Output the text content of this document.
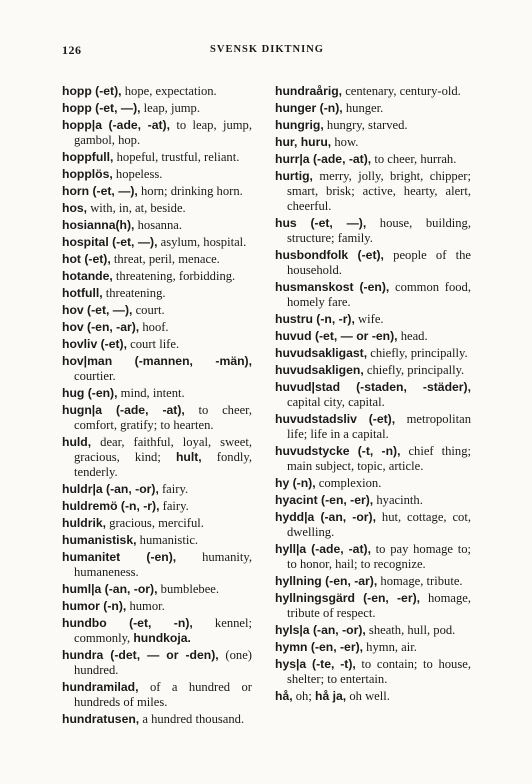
126	SVENSK DIKTNING
hopp (-et), hope, expectation.
hopp (-et, —), leap, jump.
hopp|a (-ade, -at), to leap, jump, gambol, hop.
hoppfull, hopeful, trustful, reliant.
hopplös, hopeless.
horn (-et, —), horn; drinking horn.
hos, with, in, at, beside.
hosianna(h), hosanna.
hospital (-et, —), asylum, hospital.
hot (-et), threat, peril, menace.
hotande, threatening, forbidding.
hotfull, threatening.
hov (-et, —), court.
hov (-en, -ar), hoof.
hovliv (-et), court life.
hov|man (-mannen, -män), courtier.
hug (-en), mind, intent.
hugn|a (-ade, -at), to cheer, comfort, gratify; to hearten.
huld, dear, faithful, loyal, sweet, gracious, kind; hult, fondly, tenderly.
huldr|a (-an, -or), fairy.
huldremö (-n, -r), fairy.
huldrik, gracious, merciful.
humanistisk, humanistic.
humanitet (-en), humanity, humaneness.
huml|a (-an, -or), bumblebee.
humor (-n), humor.
hundbo (-et, -n), kennel; commonly, hundkoja.
hundra (-det, — or -den), (one) hundred.
hundramilad, of a hundred or hundreds of miles.
hundratusen, a hundred thousand.
hundraårig, centenary, century-old.
hunger (-n), hunger.
hungrig, hungry, starved.
hur, huru, how.
hurr|a (-ade, -at), to cheer, hurrah.
hurtig, merry, jolly, bright, chipper; smart, brisk; active, hearty, alert, cheerful.
hus (-et, —), house, building, structure; family.
husbondfolk (-et), people of the household.
husmanskost (-en), common food, homely fare.
hustru (-n, -r), wife.
huvud (-et, — or -en), head.
huvudsakligast, chiefly, principally.
huvudsakligen, chiefly, principally.
huvud|stad (-staden, -städer), capital city, capital.
huvudstadsliv (-et), metropolitan life; life in a capital.
huvudstycke (-t, -n), chief thing; main subject, topic, article.
hy (-n), complexion.
hyacint (-en, -er), hyacinth.
hydd|a (-an, -or), hut, cottage, cot, dwelling.
hyll|a (-ade, -at), to pay homage to; to honor, hail; to recognize.
hyllning (-en, -ar), homage, tribute.
hyllningsgärd (-en, -er), homage, tribute of respect.
hyls|a (-an, -or), sheath, hull, pod.
hymn (-en, -er), hymn, air.
hys|a (-te, -t), to contain; to house, shelter; to entertain.
hå, oh; hå ja, oh well.
